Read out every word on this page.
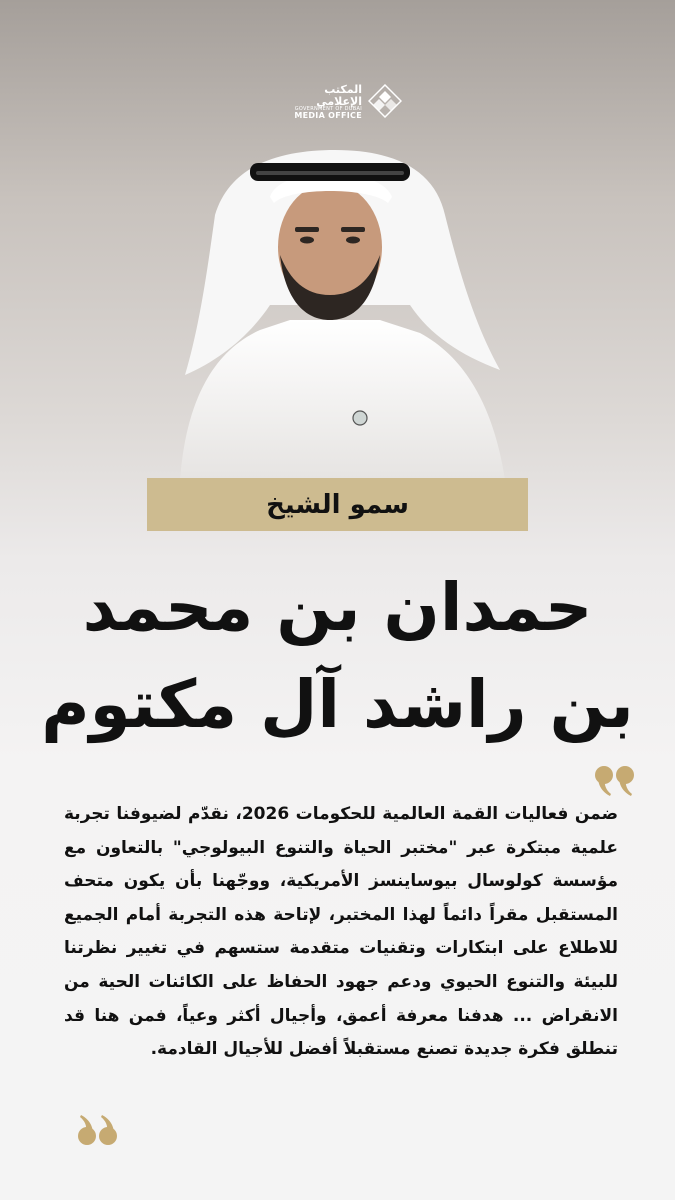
المكتب الإعلامي
GOVERNMENT OF DUBAI
MEDIA OFFICE
سمو الشيخ
حمدان بن محمد
بن راشد آل مكتوم
ضمن فعاليات القمة العالمية للحكومات 2026، نقدّم لضيوفنا تجربة علمية مبتكرة عبر "مختبر الحياة والتنوع البيولوجي" بالتعاون مع مؤسسة كولوسال بيوساينسز الأمريكية، ووجّهنا بأن يكون متحف المستقبل مقراً دائماً لهذا المختبر، لإتاحة هذه التجربة أمام الجميع للاطلاع على ابتكارات وتقنيات متقدمة ستسهم في تغيير نظرتنا للبيئة والتنوع الحيوي ودعم جهود الحفاظ على الكائنات الحية من الانقراض ... هدفنا معرفة أعمق، وأجيال أكثر وعياً، فمن هنا قد تنطلق فكرة جديدة تصنع مستقبلاً أفضل للأجيال القادمة.
